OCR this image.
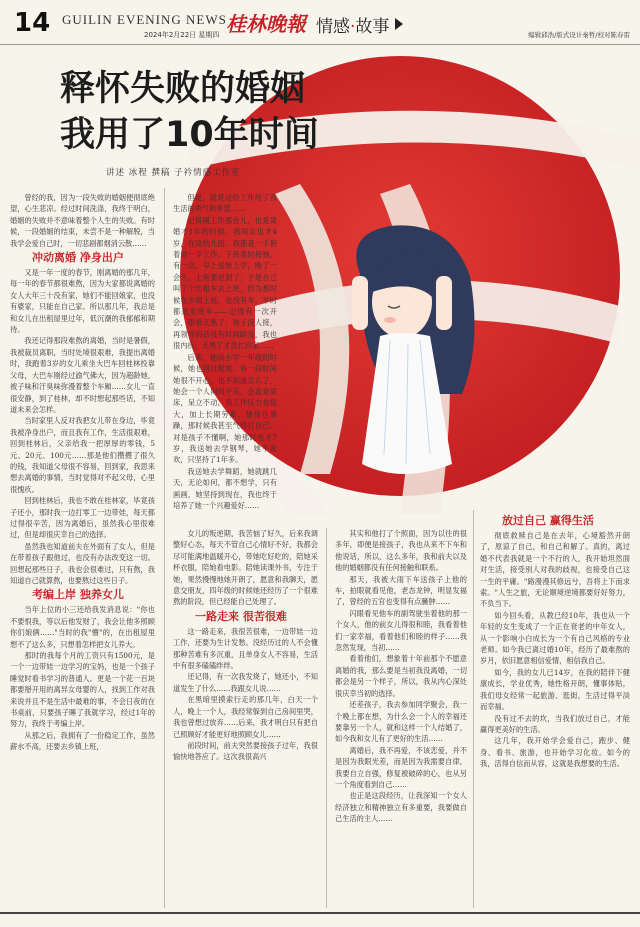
14 GUILIN EVENING NEWS
2024年2月22日 星期四 桂林晚報 情感·故事	编辑邱浩/版式设计秦哲/校对陈春雷
释怀失败的婚姻
我用了10年时间
讲述 冰程 撰稿 子衿情感工作室

曾经的我，因为一段失败的婚姻便彻底绝望，心生悲凉。经过时间洗涤，我终于明白，婚姻的失败并不意味着整个人生的失败。有时候，一段婚姻的结束，未尝不是一种解脱，当我学会爱自己时，一切悲剧都烟消云散……

冲动离婚 净身出户

又是一年一度的春节，刚离婚的那几年，每一年的春节都很难熬，因为大家都说离婚的女人大年三十没有家，她们不能回娘家，也没有婆家，只能在自己家。所以那几年，我总是和女儿在出租屋里过年，低沉潮的我郁郁和期待。

我还记得那段难熬的离婚，当时是暑假，我被裁员离职，当时处境很艰难，我提出离婚时，我跑着3岁的女儿乘坐大巴车回桂林投靠父母，大巴车刚经过渝气佛大，因为超龄她，被子味和汗臭味弥漫着整个车厢……女儿一直很安静，到了桂林，却不时想起那些话，不知道未来会怎样。

当时家里人反对我把女儿带在身边，毕竟我被净身出户，而且我有工作，生活很艰难，回到桂林后，父亲给我一把厚厚的零钱，5元、20元、100元……那是他们攒攒了很久的钱，我知道父母很不容易，回到家，我思来想去离婚的事情，当时觉得对不起父母，心里很愧疚。

回到桂林后，我也不敢在桂林家，毕竟孩子还小，那时我一边打零工一边带娃，每天都过得很辛苦，因为离婚后，虽然我心里很难过，但是却很庆幸自己的选择。

虽然我也知道前夫在外面有了女人，但是在带着孩子跟他过，也没有办法改变这一切。回想起那些日子，我也会很难过，只有熬，我知道自己就算熬，也要熬过这些日子。

考编上岸 独养女儿

当年上位的小三还给我发消息说："你也不要恨我，等以后他发财了，我会让他多照顾你们娘俩……"当时的我"懵"的，在出租屋里想不了这么多，只想着怎样把女儿养大。

那时的我每个月的工资只有1500元，是一个一边带娃一边学习的宝妈，也是一个孩子睡觉时看书学习的普通人。更是一个花一百块都要掰开用的离异女母婴的人，找到工作对我来说并且不是生活中最难的事，不会日夜的在书桌前，只要孩子睡了我就学习，经过1年的努力，我终于考编上岸。

从那之后，我拥有了一份稳定工作，虽然薪水不高，还要去乡镇上班，

但是，就是这份工作给了我生活的勇气和希望……

记得刚工作那会儿，也是离婚才1年的时候。我闺女也才4岁，在读幼儿园。我都是一手抱着娃一手工作。下班准时接她，有一次，早上送她上学，晚了一会儿，上班要迟到了，于是自己叫了个出租车去上班，因为那时候在乡镇上班，也没有车，平时都是坐班车——记得有一次开会，眼看天黑了，孩子没人接，再领导问话没有时间顾及，我也很内疚，天黑了才急忙回家……

后来，她读小学一年级的时候，她也得过喉咙。有一段时间她很不开心，也不知道怎么了，她会一个人闷闷不乐，会喜欢尿床，呆立不动，我工作压力也很大，加上长期劳累，情绪也暴躁，那时候我甚至气得打自己，对是孩子不懂啊，她那时也才7岁，我送她去学钢琴，她不喜欢，只坚持了1年多。

我送她去学舞蹈，她就跳几天，无论如何，都不想学，只有画画，她坚持到现在，我也终于培养了她一个兴趣爱好……

女儿的叛逆期，我苦恼了好久，后来我调整好心态，每天不管自己心情好不好，我都会尽可能满地温暖开心，带她吃好吃的，陪她采杯衣服，陪她看电影。陪她读课外书，专注于她，果然慢慢地她开朗了，愿意和我聊天，愿意交朋友，四年级的时候她还经历了一个很难熬的阶段，但已经能自己处理了。

一路走来 很苦很难

这一路走来，我很苦很难，一边带娃一边工作，还要为生计发愁。没经历过的人不会懂那种苦难有多沉重，且单身女人不容易，生活中有很多磕磕绊绊。

还记得，有一次我发烧了，她还小，不知道发生了什么……我跟女儿说……

在黑暗里摸索行走的那几年，白天一个人，晚上一个人，我经常躲到自己房间里哭，我也曾想过放弃……后来，我才明白只有把自己照顾好才能更好地照顾女儿……

前段时间，前夫突然要接孩子过年，我很愉快地答应了。这次我很高兴

其实和他打了个照面，因为以往的很多年，即便是接孩子，我也从来不下车和他说话，所以，这么多年，我和前夫以及他的婚姻都没有任何接触和联系。

那天，我被大雨下车送孩子上他的车，拍眼就看见他，老态龙钟，明显发福了，曾经的五官也变得有点臃肿……

闪眼看见他车的副驾驶坐着他的那一个女人，他的前女儿得很和睦，我看着他们一家幸福，看着他们和睦的样子……我忽然发现，当初……

看着他们，想象着十年前那个不愿意离婚的我，那么要是当初我没离婚，一切都会是另一个样子，所以，我从内心深处很庆幸当初的选择。

还差孩子，我去参加同学聚会，我一个晚上都在想，为什么会一个人的幸福还要靠另一个人，就和这样一个人结婚了，如今我和女儿有了更好的生活……

离婚后，我不再爱，不该恋爱，并不是因为我眼光差，而是因为我需要自律，我要自立自强，修复被破碎的心，也从另一个角度看到自己……

也正是这段经历，让我深知一个女人经济独立和精神独立有多重要，我要做自己生活的主人……

放过自己 赢得生活

彻底救赎自己是在去年，心境豁然开朗了，原谅了自己，和自己和解了。真的，离过婚不代表我就是一个不行的人，我开始坦然面对生活，接受别人对我的歧视，也接受自己这一生的平庸。"路漫漫其修远兮，吾将上下而求索。"人生之旅，无论顺境逆境都要好好努力，不负当下。

如今回头看，从教已经10年，我也从一个年轻的女生变成了一个正在衰老的中年女人，从一个影响小白成长为一个有自己风格的专业老师。如今我已离过婚10年，经历了最难熬的岁月，依旧愿意相信爱情，相信我自己。

如今，我的女儿已14岁，在我的陪伴下健康成长，学业优秀，她性格开朗，懂事体贴，我们母女经常一起旅游、逛街，生活过得平淡而幸福。

没有过不去的坎，当我们放过自己，才能赢得更美好的生活。

这几年，我开始学会爱自己，跑步、健身、看书、旅游，也开始学习化妆。如今的我，活得自信而从容，这就是我想要的生活。
